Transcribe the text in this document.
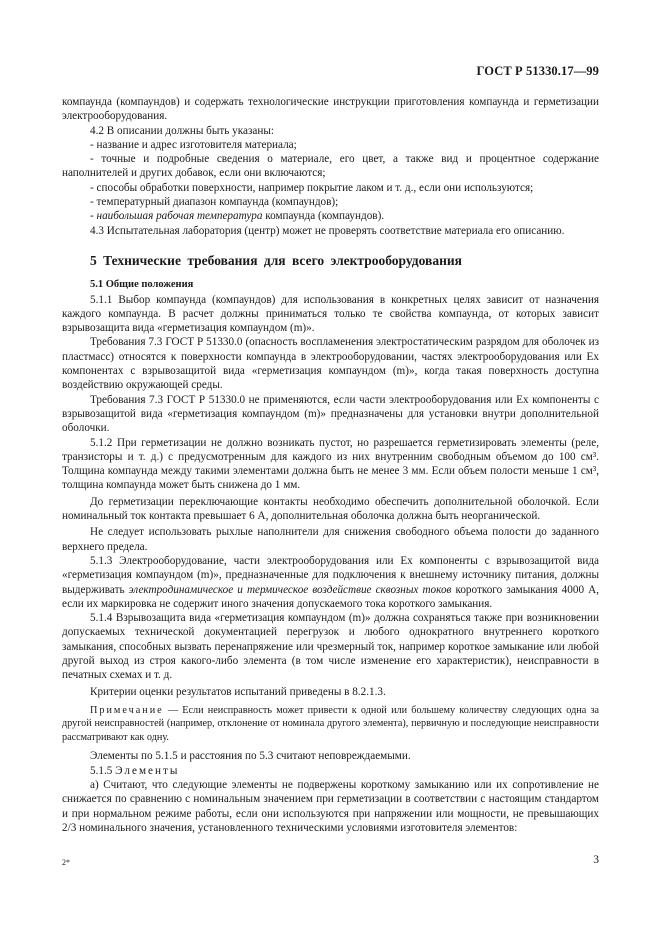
ГОСТ Р 51330.17—99

компаунда (компаундов) и содержать технологические инструкции приготовления компаунда и герметизации электрооборудования.

4.2 В описании должны быть указаны:

- название и адрес изготовителя материала;

- точные и подробные сведения о материале, его цвет, а также вид и процентное содержание наполнителей и других добавок, если они включаются;

- способы обработки поверхности, например покрытие лаком и т. д., если они используются;

- температурный диапазон компаунда (компаундов);

- наибольшая рабочая температура компаунда (компаундов).

4.3 Испытательная лаборатория (центр) может не проверять соответствие материала его описанию.

5 Технические требования для всего электрооборудования

5.1 Общие положения

5.1.1 Выбор компаунда (компаундов) для использования в конкретных целях зависит от назначения каждого компаунда. В расчет должны приниматься только те свойства компаунда, от которых зависит взрывозащита вида «герметизация компаундом (m)».

Требования 7.3 ГОСТ Р 51330.0 (опасность воспламенения электростатическим разрядом для оболочек из пластмасс) относятся к поверхности компаунда в электрооборудовании, частях электрооборудования или Ex компонентах с взрывозащитой вида «герметизация компаундом (m)», когда такая поверхность доступна воздействию окружающей среды.

Требования 7.3 ГОСТ Р 51330.0 не применяются, если части электрооборудования или Ex компоненты с взрывозащитой вида «герметизация компаундом (m)» предназначены для установки внутри дополнительной оболочки.

5.1.2 При герметизации не должно возникать пустот, но разрешается герметизировать элементы (реле, транзисторы и т. д.) с предусмотренным для каждого из них внутренним свободным объемом до 100 см³. Толщина компаунда между такими элементами должна быть не менее 3 мм. Если объем полости меньше 1 см³, толщина компаунда может быть снижена до 1 мм.

До герметизации переключающие контакты необходимо обеспечить дополнительной оболочкой. Если номинальный ток контакта превышает 6 А, дополнительная оболочка должна быть неорганической.

Не следует использовать рыхлые наполнители для снижения свободного объема полости до заданного верхнего предела.

5.1.3 Электрооборудование, части электрооборудования или Ex компоненты с взрывозащитой вида «герметизация компаундом (m)», предназначенные для подключения к внешнему источнику питания, должны выдерживать электродинамическое и термическое воздействие сквозных токов короткого замыкания 4000 А, если их маркировка не содержит иного значения допускаемого тока короткого замыкания.

5.1.4 Взрывозащита вида «герметизация компаундом (m)» должна сохраняться также при возникновении допускаемых технической документацией перегрузок и любого однократного внутреннего короткого замыкания, способных вызвать перенапряжение или чрезмерный ток, например короткое замыкание или любой другой выход из строя какого-либо элемента (в том числе изменение его характеристик), неисправности в печатных схемах и т. д.

Критерии оценки результатов испытаний приведены в 8.2.1.3.

Примечание — Если неисправность может привести к одной или большему количеству следующих одна за другой неисправностей (например, отклонение от номинала другого элемента), первичную и последующие неисправности рассматривают как одну.

Элементы по 5.1.5 и расстояния по 5.3 считают неповреждаемыми.

5.1.5 Элементы

а) Считают, что следующие элементы не подвержены короткому замыканию или их сопротивление не снижается по сравнению с номинальным значением при герметизации в соответствии с настоящим стандартом и при нормальном режиме работы, если они используются при напряжении или мощности, не превышающих 2/3 номинального значения, установленного техническими условиями изготовителя элементов:

2*	3
